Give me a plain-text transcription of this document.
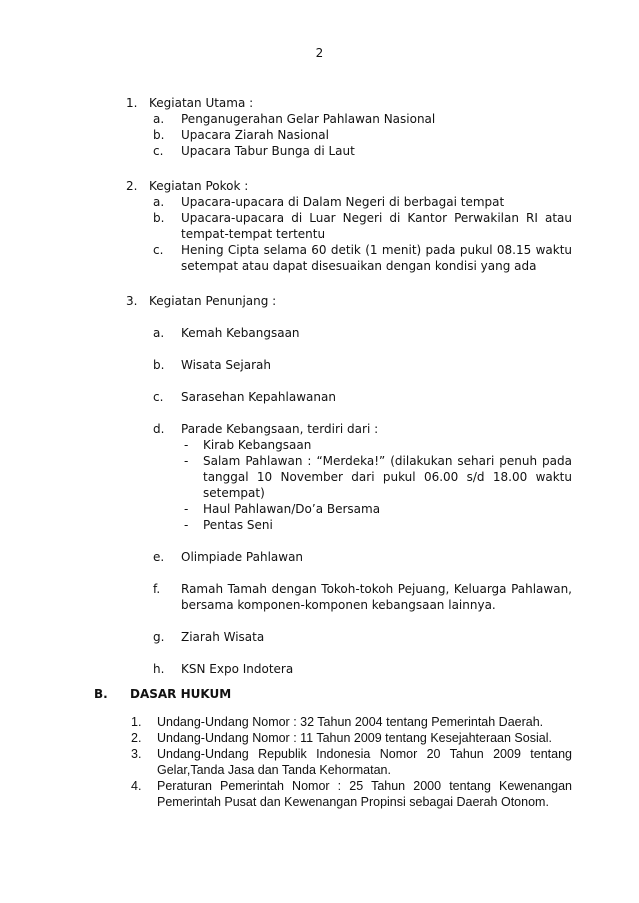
2
1. Kegiatan Utama :
a. Penganugerahan Gelar Pahlawan Nasional
b. Upacara Ziarah Nasional
c. Upacara Tabur Bunga di Laut
2. Kegiatan Pokok :
a. Upacara-upacara di Dalam Negeri di berbagai tempat
b. Upacara-upacara di Luar Negeri di Kantor Perwakilan RI atau tempat-tempat tertentu
c. Hening Cipta selama 60 detik (1 menit) pada pukul 08.15 waktu setempat atau dapat disesuaikan dengan kondisi yang ada
3. Kegiatan Penunjang :
a. Kemah Kebangsaan
b. Wisata Sejarah
c. Sarasehan Kepahlawanan
d. Parade Kebangsaan, terdiri dari :
- Kirab Kebangsaan
- Salam Pahlawan : “Merdeka!” (dilakukan sehari penuh pada tanggal 10 November dari pukul 06.00 s/d 18.00 waktu setempat)
- Haul Pahlawan/Do’a Bersama
- Pentas Seni
e. Olimpiade Pahlawan
f. Ramah Tamah dengan Tokoh-tokoh Pejuang, Keluarga Pahlawan, bersama komponen-komponen kebangsaan lainnya.
g. Ziarah Wisata
h. KSN Expo Indotera
B. DASAR HUKUM
1. Undang-Undang Nomor : 32 Tahun 2004 tentang Pemerintah Daerah.
2. Undang-Undang Nomor : 11 Tahun 2009 tentang Kesejahteraan Sosial.
3. Undang-Undang Republik Indonesia Nomor 20 Tahun 2009 tentang Gelar,Tanda Jasa dan Tanda Kehormatan.
4. Peraturan Pemerintah Nomor : 25 Tahun 2000 tentang Kewenangan Pemerintah Pusat dan Kewenangan Propinsi sebagai Daerah Otonom.
